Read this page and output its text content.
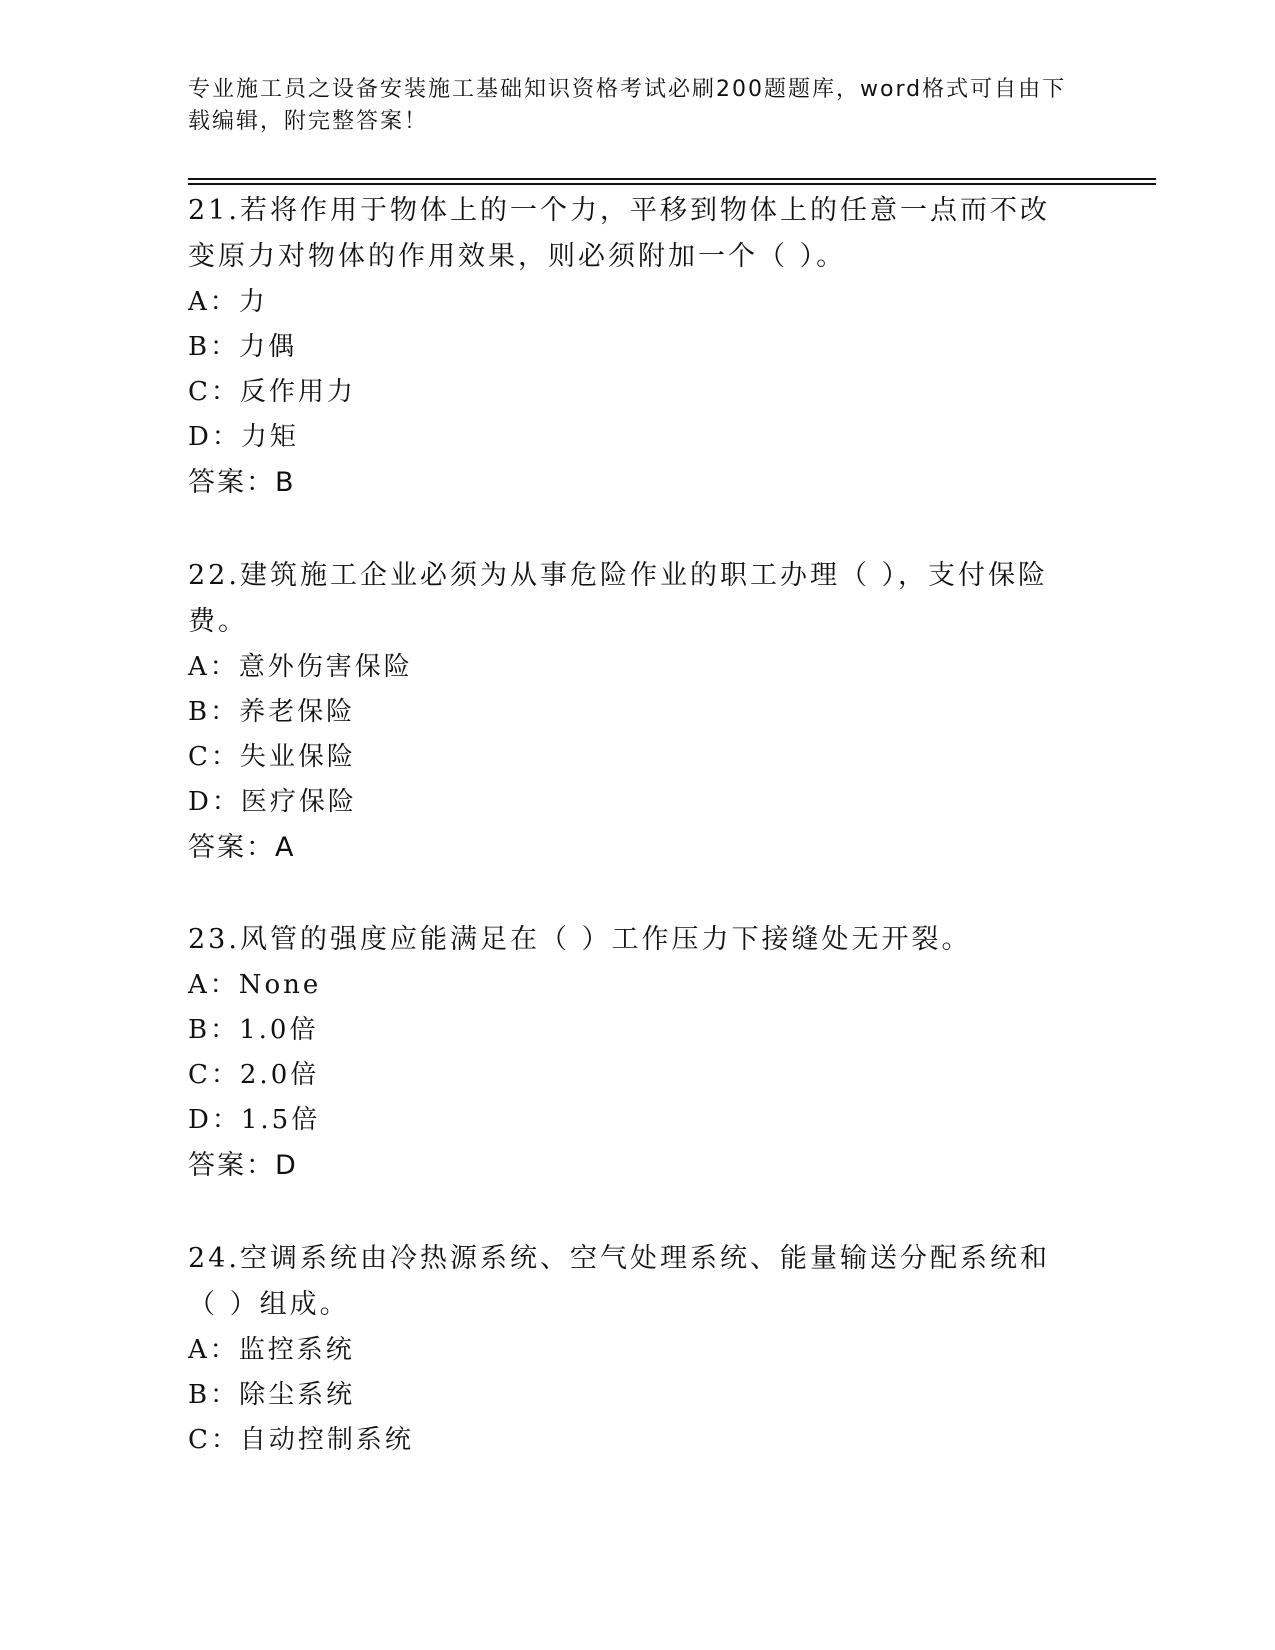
专业施工员之设备安装施工基础知识资格考试必刷200题题库，word格式可自由下载编辑，附完整答案！

21.若将作用于物体上的一个力，平移到物体上的任意一点而不改变原力对物体的作用效果，则必须附加一个（ ）。

A：力
B：力偶
C：反作用力
D：力矩
答案：B

22.建筑施工企业必须为从事危险作业的职工办理（ ），支付保险费。

A：意外伤害保险
B：养老保险
C：失业保险
D：医疗保险
答案：A

23.风管的强度应能满足在（ ）工作压力下接缝处无开裂。

A：None
B：1.0倍
C：2.0倍
D：1.5倍
答案：D

24.空调系统由冷热源系统、空气处理系统、能量输送分配系统和（ ）组成。

A：监控系统
B：除尘系统
C：自动控制系统
